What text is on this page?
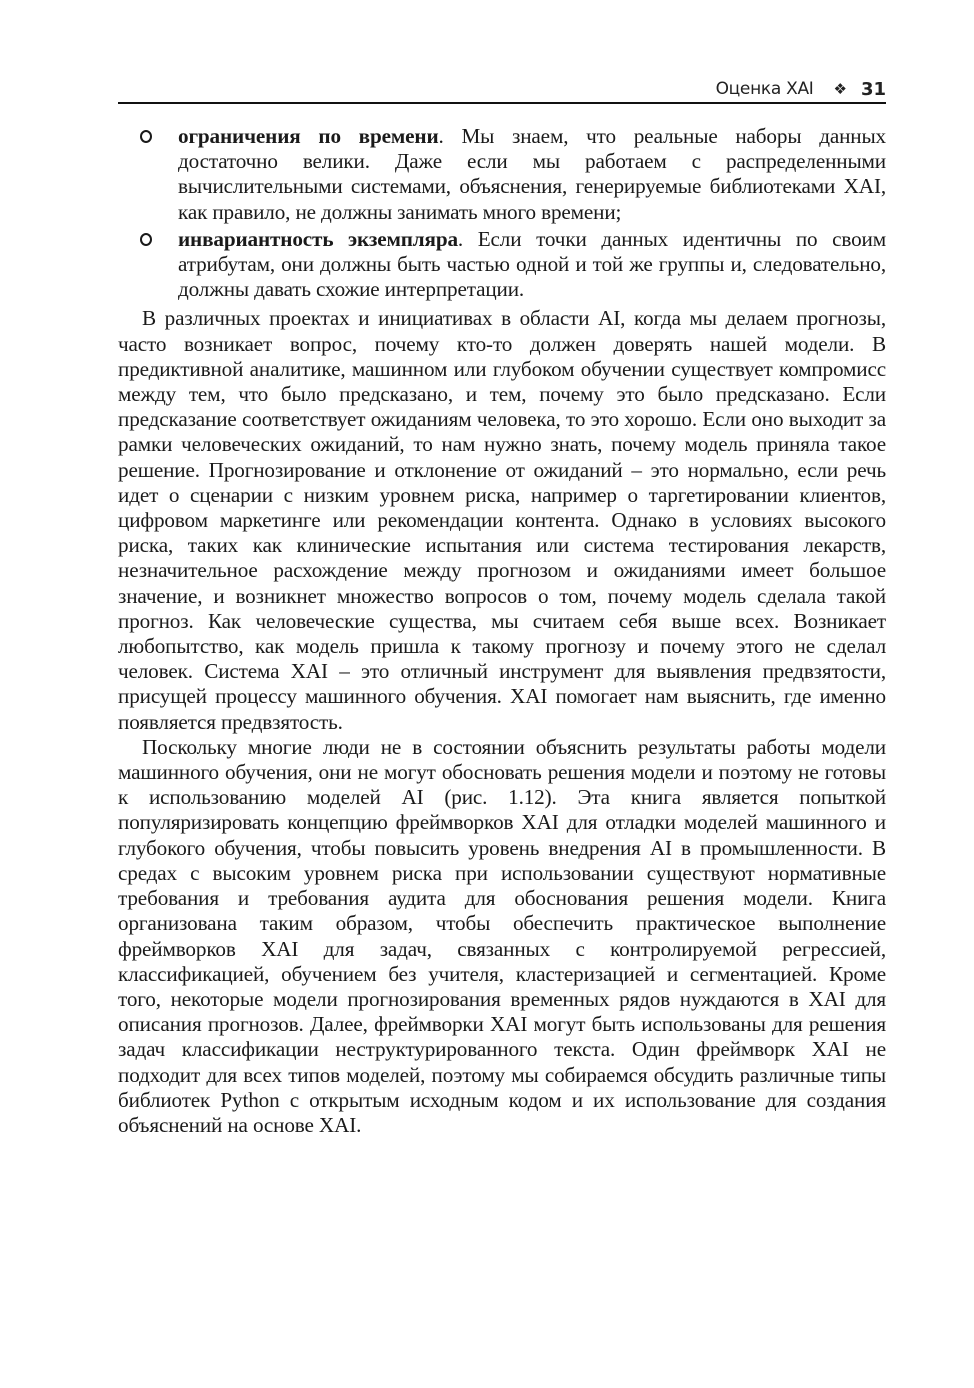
Оценка XAI ❖ 31
ограничения по времени. Мы знаем, что реальные наборы данных достаточно велики. Даже если мы работаем с распределенными вычислительными системами, объяснения, генерируемые библиотеками XAI, как правило, не должны занимать много времени;
инвариантность экземпляра. Если точки данных идентичны по своим атрибутам, они должны быть частью одной и той же группы и, следовательно, должны давать схожие интерпретации.

В различных проектах и инициативах в области AI, когда мы делаем прогнозы, часто возникает вопрос, почему кто-то должен доверять нашей модели. В предиктивной аналитике, машинном или глубоком обучении существует компромисс между тем, что было предсказано, и тем, почему это было предсказано. Если предсказание соответствует ожиданиям человека, то это хорошо. Если оно выходит за рамки человеческих ожиданий, то нам нужно знать, почему модель приняла такое решение. Прогнозирование и отклонение от ожиданий – это нормально, если речь идет о сценарии с низким уровнем риска, например о таргетировании клиентов, цифровом маркетинге или рекомендации контента. Однако в условиях высокого риска, таких как клинические испытания или система тестирования лекарств, незначительное расхождение между прогнозом и ожиданиями имеет большое значение, и возникнет множество вопросов о том, почему модель сделала такой прогноз. Как человеческие существа, мы считаем себя выше всех. Возникает любопытство, как модель пришла к такому прогнозу и почему этого не сделал человек. Система XAI – это отличный инструмент для выявления предвзятости, присущей процессу машинного обучения. XAI помогает нам выяснить, где именно появляется предвзятость.

Поскольку многие люди не в состоянии объяснить результаты работы модели машинного обучения, они не могут обосновать решения модели и поэтому не готовы к использованию моделей AI (рис. 1.12). Эта книга является попыткой популяризировать концепцию фреймворков XAI для отладки моделей машинного и глубокого обучения, чтобы повысить уровень внедрения AI в промышленности. В средах с высоким уровнем риска при использовании существуют нормативные требования и требования аудита для обоснования решения модели. Книга организована таким образом, чтобы обеспечить практическое выполнение фреймворков XAI для задач, связанных с контролируемой регрессией, классификацией, обучением без учителя, кластеризацией и сегментацией. Кроме того, некоторые модели прогнозирования временных рядов нуждаются в XAI для описания прогнозов. Далее, фреймворки XAI могут быть использованы для решения задач классификации неструктурированного текста. Один фреймворк XAI не подходит для всех типов моделей, поэтому мы собираемся обсудить различные типы библиотек Python с открытым исходным кодом и их использование для создания объяснений на основе XAI.
